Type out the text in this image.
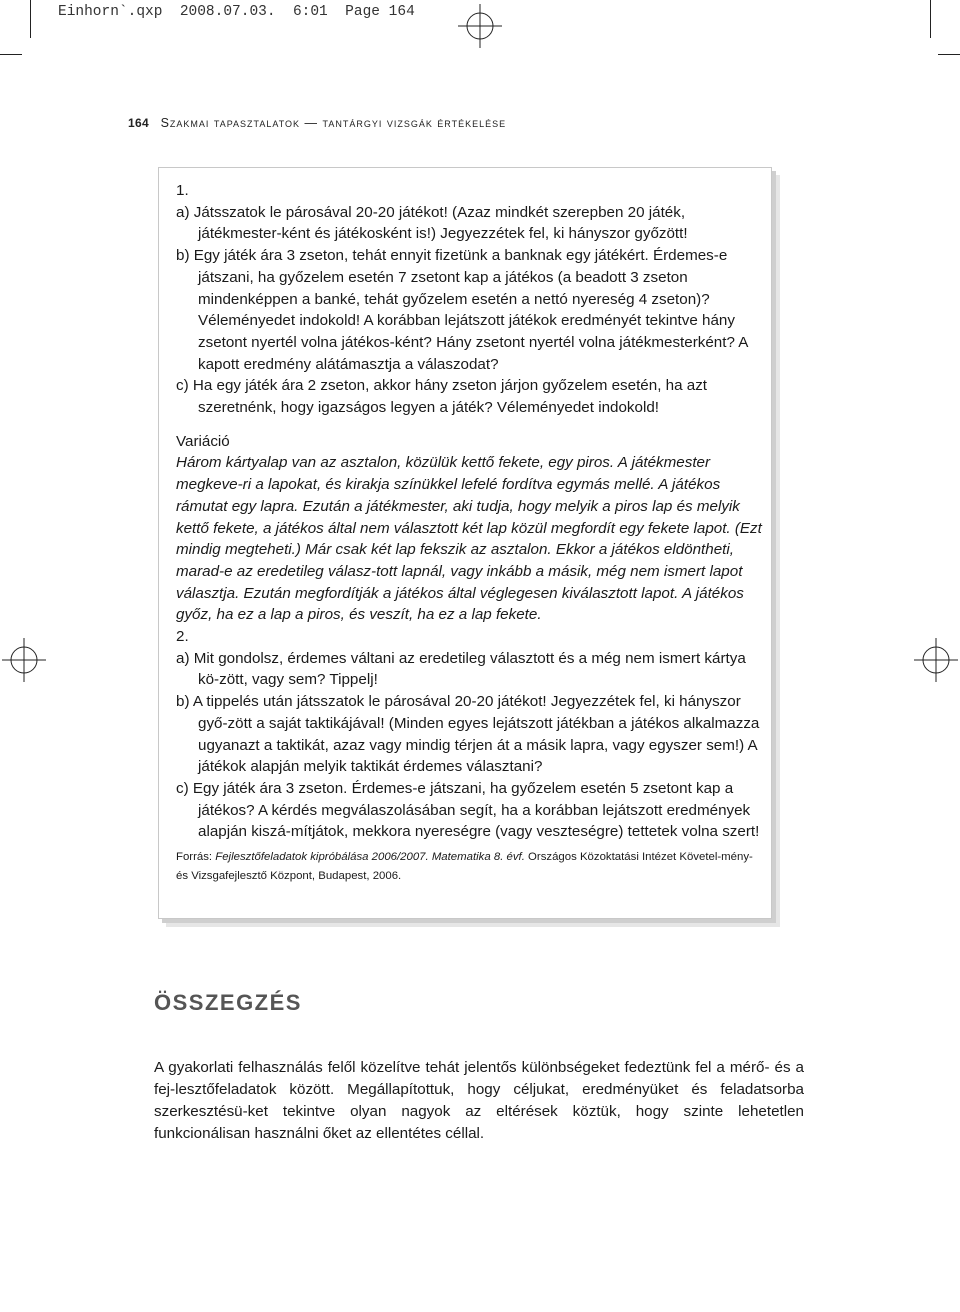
Einhorn`.qxp 2008.07.03. 6:01 Page 164
164 Szakmai tapasztalatok — tantárgyi vizsgák értékelése

1.

a) Játsszatok le párosával 20-20 játékot! (Azaz mindkét szerepben 20 játék, játékmester-ként és játékosként is!) Jegyezzétek fel, ki hányszor győzött!

b) Egy játék ára 3 zseton, tehát ennyit fizetünk a banknak egy játékért. Érdemes-e játszani, ha győzelem esetén 7 zsetont kap a játékos (a beadott 3 zseton mindenképpen a banké, tehát győzelem esetén a nettó nyereség 4 zseton)? Véleményedet indokold! A korábban lejátszott játékok eredményét tekintve hány zsetont nyertél volna játékos-ként? Hány zsetont nyertél volna játékmesterként? A kapott eredmény alátámasztja a válaszodat?

c) Ha egy játék ára 2 zseton, akkor hány zseton járjon győzelem esetén, ha azt szeretnénk, hogy igazságos legyen a játék? Véleményedet indokold!

Variáció

Három kártyalap van az asztalon, közülük kettő fekete, egy piros. A játékmester megkeve-ri a lapokat, és kirakja színükkel lefelé fordítva egymás mellé. A játékos rámutat egy lapra. Ezután a játékmester, aki tudja, hogy melyik a piros lap és melyik kettő fekete, a játékos által nem választott két lap közül megfordít egy fekete lapot. (Ezt mindig megteheti.) Már csak két lap fekszik az asztalon. Ekkor a játékos eldöntheti, marad-e az eredetileg válasz-tott lapnál, vagy inkább a másik, még nem ismert lapot választja. Ezután megfordítják a játékos által véglegesen kiválasztott lapot. A játékos győz, ha ez a lap a piros, és veszít, ha ez a lap fekete.

2.

a) Mit gondolsz, érdemes váltani az eredetileg választott és a még nem ismert kártya kö-zött, vagy sem? Tippelj!

b) A tippelés után játsszatok le párosával 20-20 játékot! Jegyezzétek fel, ki hányszor győ-zött a saját taktikájával! (Minden egyes lejátszott játékban a játékos alkalmazza ugyanazt a taktikát, azaz vagy mindig térjen át a másik lapra, vagy egyszer sem!) A játékok alapján melyik taktikát érdemes választani?

c) Egy játék ára 3 zseton. Érdemes-e játszani, ha győzelem esetén 5 zsetont kap a játékos? A kérdés megválaszolásában segít, ha a korábban lejátszott eredmények alapján kiszá-mítjátok, mekkora nyereségre (vagy veszteségre) tettetek volna szert!

Forrás: Fejlesztőfeladatok kipróbálása 2006/2007. Matematika 8. évf. Országos Közoktatási Intézet Követel-mény- és Vizsgafejlesztő Központ, Budapest, 2006.

ÖSSZEGZÉS

A gyakorlati felhasználás felől közelítve tehát jelentős különbségeket fedeztünk fel a mérő- és a fej-lesztőfeladatok között. Megállapítottuk, hogy céljukat, eredményüket és feladatsorba szerkesztésü-ket tekintve olyan nagyok az eltérések köztük, hogy szinte lehetetlen funkcionálisan használni őket az ellentétes céllal.
